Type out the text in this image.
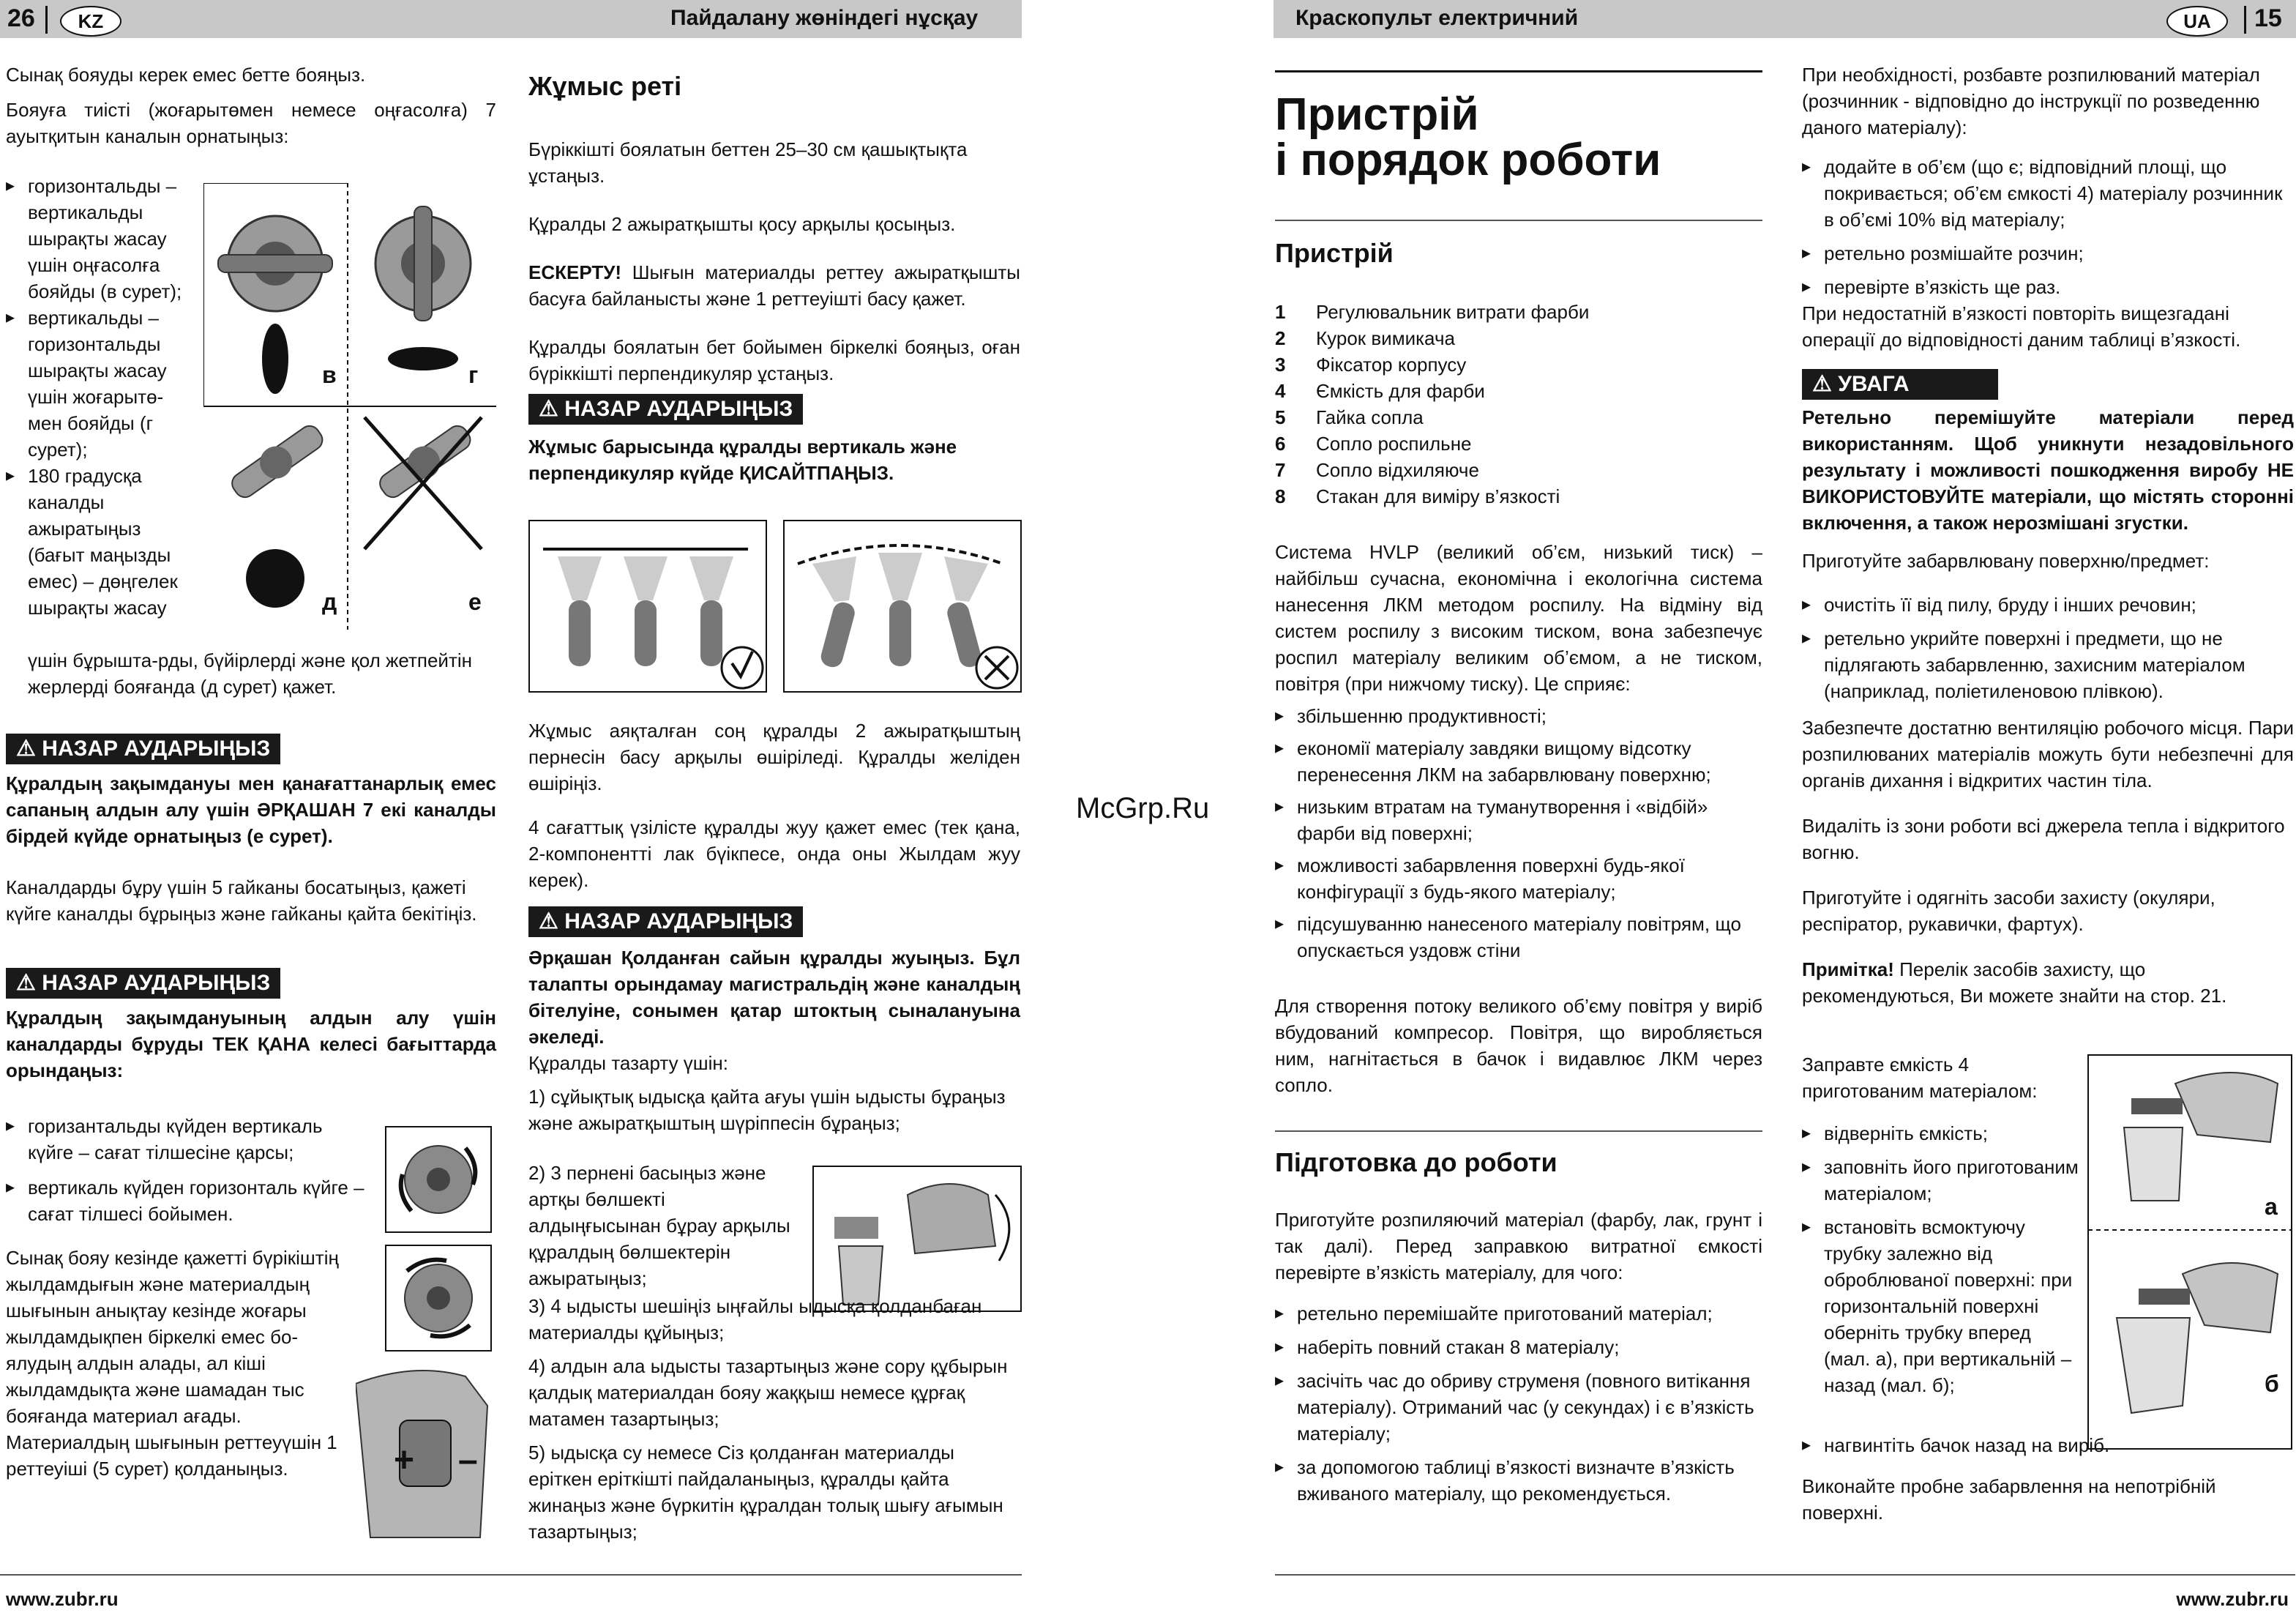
26	KZ	Пайдалану жөніндегі нұсқау

Сынақ бояуды керек емес бетте бояңыз.

Бояуға тиісті (жоғарытөмен немесе оңғасолға) 7 ауытқитын каналын орнатыңыз:

▸ горизонтальды – вертикальды шырақты жасау үшін оңғасолға бояйды (в сурет);
▸ вертикальды – горизонтальды шырақты жасау үшін жоғарытө-мен бояйды (г сурет);
▸ 180 градусқа каналды ажыратыңыз (бағыт маңызды емес) – дөңгелек шырақты жасау
в	г
д	е

үшін бұрышта-рды, бүйірлерді және қол жетпейтін жерлерді бояғанда (д сурет) қажет.

⚠ НАЗАР АУДАРЫҢЫЗ

Құралдың зақымдануы мен қанағаттанарлық емес сапаның алдын алу үшін ӘРҚАШАН 7 екі каналды бірдей күйде орнатыңыз (е сурет).

Каналдарды бұру үшін 5 гайканы босатыңыз, қажеті күйге каналды бұрыңыз және гайканы қайта бекітіңіз.

⚠ НАЗАР АУДАРЫҢЫЗ

Құралдың зақымдануының алдын алу үшін каналдарды бұруды ТЕК ҚАНА келесі бағыттарда орындаңыз:

▸ горизантальды күйден вертикаль күйге – сағат тілшесіне қарсы;
▸ вертикаль күйден горизонталь күйге – сағат тілшесі бойымен.

Сынақ бояу кезінде қажетті бүрікіштің жылдамдығын және материалдың шығынын анықтау кезінде жоғары жылдамдықпен біркелкі емес бо-ялудың алдын алады, ал кіші жылдамдықта және шамадан тыс бояғанда материал ағады. Материалдың шығынын реттеуүшін 1 реттеуіші (5 сурет) қолданыңыз.	+ –
Жұмыс реті

Бүріккішті боялатын беттен 25–30 см қашықтықта ұстаңыз.

Құралды 2 ажыратқышты қосу арқылы қосыңыз.

ЕСКЕРТУ! Шығын материалды реттеу ажыратқышты басуға байланысты және 1 реттеуішті басу қажет.

Құралды боялатын бет бойымен біркелкі бояңыз, оған бүріккішті перпендикуляр ұстаңыз.

⚠ НАЗАР АУДАРЫҢЫЗ

Жұмыс барысында құралды вертикаль және перпендикуляр күйде ҚИСАЙТПАҢЫЗ.

Жұмыс аяқталған соң құралды 2 ажыратқыштың пернесін басу арқылы өшіріледі. Құралды желіден өшіріңіз.

4 сағаттық үзілісте құралды жуу қажет емес (тек қана, 2-компонентті лак бүікпесе, онда оны Жылдам жуу керек).

⚠ НАЗАР АУДАРЫҢЫЗ

Әрқашан Қолданған сайын құралды жуыңыз. Бұл талапты орындамау магистральдің және каналдың бітелуіне, сонымен қатар штоктың сыналануына әкеледі.

Құралды тазарту үшін:

1) сұйықтық ыдысқа қайта ағуы үшін ыдысты бұраңыз және ажыратқыштың шүріппесін бұраңыз;

2) 3 пернені басыңыз және артқы бөлшекті алдыңғысынан бұрау арқылы құралдың бөлшектерін ажыратыңыз;

3) 4 ыдысты шешіңіз ыңғайлы ыдысқа қолданбаған материалды құйыңыз;

4) алдын ала ыдысты тазартыңыз және сору құбырын қалдық материалдан бояу жаққыш немесе құрғақ матамен тазартыңыз;

5) ыдысқа су немесе Сіз қолданған материалды еріткен еріткішті пайдаланыңыз, құралды қайта жинаңыз және бүркитін құралдан толық шығу ағымын тазартыңыз;

www.zubr.ru
McGrp.Ru
Краскопульт електричний	UA	15
Пристрій
і порядок роботи
Пристрій
1	Регулювальник витрати фарби
2	Курок вимикача
3	Фіксатор корпусу
4	Ємкість для фарби
5	Гайка сопла
6	Сопло роспильне
7	Сопло відхиляюче
8	Стакан для виміру в’язкості

Система HVLP (великий об’єм, низький тиск) – найбільш сучасна, економічна і екологічна система нанесення ЛКМ методом роспилу. На відміну від систем роспилу з високим тиском, вона забезпечує роспил матеріалу великим об’ємом, а не тиском, повітря (при нижчому тиску). Це сприяє:

▸ збільшенню продуктивності;
▸ економії матеріалу завдяки вищому відсотку перенесення ЛКМ на забарвлювану поверхню;
▸ низьким втратам на туманутворення і «відбій» фарби від поверхні;
▸ можливості забарвлення поверхні будь-якої конфігурації з будь-якого матеріалу;
▸ підсушуванню нанесеного матеріалу повітрям, що опускається уздовж стіни

Для створення потоку великого об’єму повітря у виріб вбудований компресор. Повітря, що виробляється ним, нагнітається в бачок і видавлює ЛКМ через сопло.

Підготовка до роботи

Приготуйте розпиляючий матеріал (фарбу, лак, грунт і так далі). Перед заправкою витратної ємкості перевірте в’язкість матеріалу, для чого:

▸ ретельно перемішайте приготований матеріал;
▸ наберіть повний стакан 8 матеріалу;
▸ засічіть час до обриву струменя (повного витікання матеріалу). Отриманий час (у секундах) і є в’язкість матеріалу;
▸ за допомогою таблиці в’язкості визначте в’язкість вживаного матеріалу, що рекомендується.

При необхідності, розбавте розпилюваний матеріал (розчинник - відповідно до інструкції по розведенню даного матеріалу):

▸ додайте в об’єм (що є; відповідний площі, що покривається; об’єм ємкості 4) матеріалу розчинник в об’ємі 10% від матеріалу;
▸ ретельно розмішайте розчин;
▸ перевірте в’язкість ще раз.

При недостатній в’язкості повторіть вищезгадані операції до відповідності даним таблиці в’язкості.

⚠ УВАГА

Ретельно перемішуйте матеріали перед використанням. Щоб уникнути незадовільного результату і можливості пошкодження виробу НЕ ВИКОРИСТОВУЙТЕ матеріали, що містять сторонні включення, а також нерозмішані згустки.

Приготуйте забарвлювану поверхню/предмет:

▸ очистіть її від пилу, бруду і інших речовин;
▸ ретельно укрийте поверхні і предмети, що не підлягають забарвленню, захисним матеріалом (наприклад, поліетиленовою плівкою).

Забезпечте достатню вентиляцію робочого місця. Пари розпилюваних матеріалів можуть бути небезпечні для органів дихання і відкритих частин тіла.

Видаліть із зони роботи всі джерела тепла і відкритого вогню.

Приготуйте і одягніть засоби захисту (окуляри, респіратор, рукавички, фартух).

Примітка! Перелік засобів захисту, що рекомендуються, Ви можете знайти на стор. 21.

Заправте ємкість 4 приготованим матеріалом:

▸ відверніть ємкість;
▸ заповніть його приготованим матеріалом;
▸ встановіть всмоктуючу трубку залежно від оброблюваної поверхні: при горизонтальній поверхні оберніть трубку вперед (мал. а), при вертикальній – назад (мал. б);
а
б
▸ нагвинтіть бачок назад на виріб.

Виконайте пробне забарвлення на непотрібній поверхні.

www.zubr.ru
